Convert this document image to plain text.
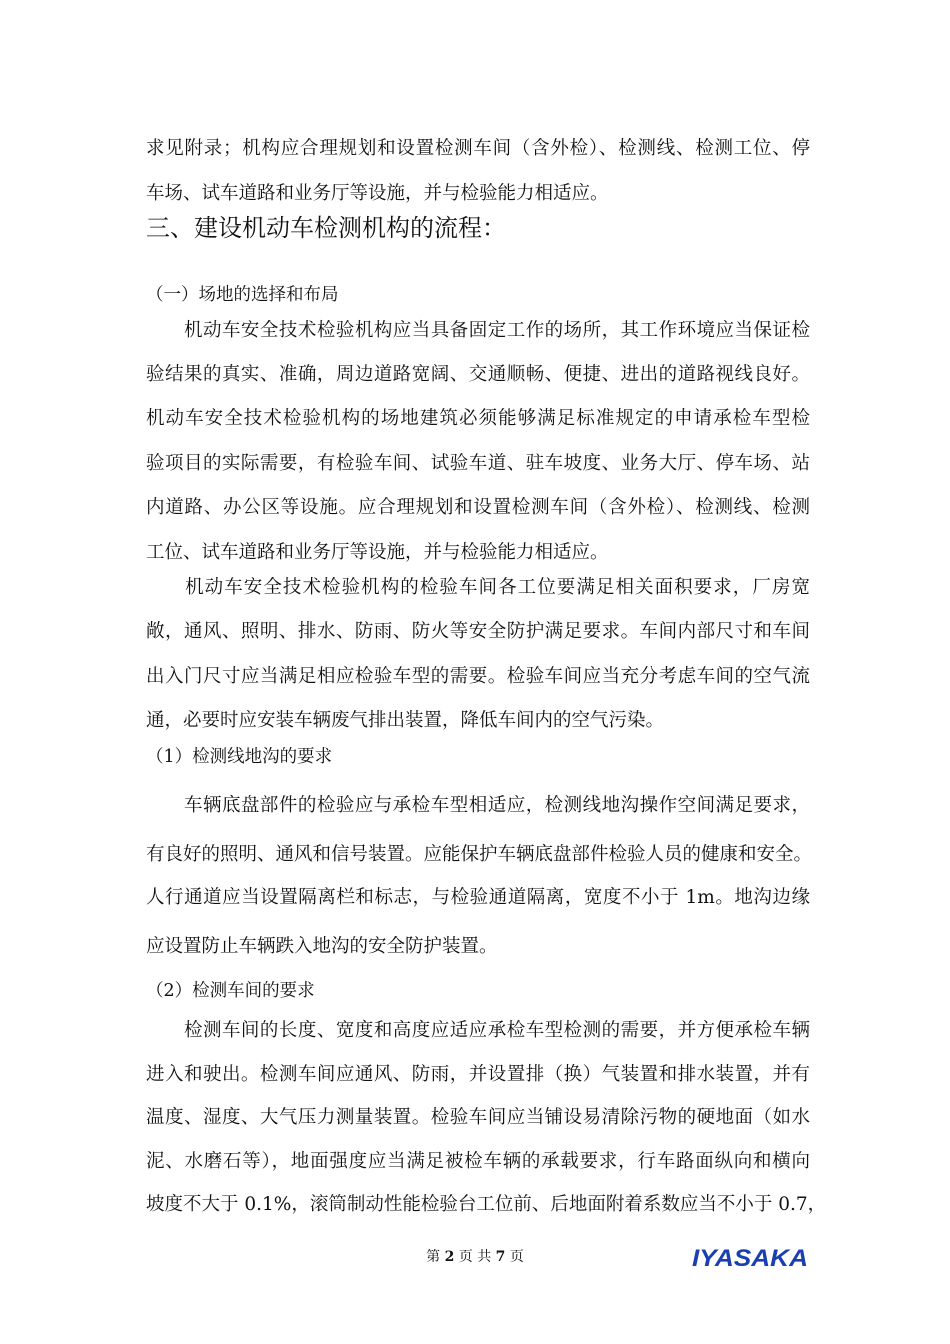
求见附录；机构应合理规划和设置检测车间（含外检）、检测线、检测工位、停
车场、试车道路和业务厅等设施，并与检验能力相适应。
三、建设机动车检测机构的流程：
（一）场地的选择和布局
　　机动车安全技术检验机构应当具备固定工作的场所，其工作环境应当保证检
验结果的真实、准确，周边道路宽阔、交通顺畅、便捷、进出的道路视线良好。
机动车安全技术检验机构的场地建筑必须能够满足标准规定的申请承检车型检
验项目的实际需要，有检验车间、试验车道、驻车坡度、业务大厅、停车场、站
内道路、办公区等设施。应合理规划和设置检测车间（含外检）、检测线、检测
工位、试车道路和业务厅等设施，并与检验能力相适应。
　　机动车安全技术检验机构的检验车间各工位要满足相关面积要求，厂房宽
敞，通风、照明、排水、防雨、防火等安全防护满足要求。车间内部尺寸和车间
出入门尺寸应当满足相应检验车型的需要。检验车间应当充分考虑车间的空气流
通，必要时应安装车辆废气排出装置，降低车间内的空气污染。
（1）检测线地沟的要求
　　车辆底盘部件的检验应与承检车型相适应，检测线地沟操作空间满足要求，
有良好的照明、通风和信号装置。应能保护车辆底盘部件检验人员的健康和安全。
人行通道应当设置隔离栏和标志，与检验通道隔离，宽度不小于 1m。地沟边缘
应设置防止车辆跌入地沟的安全防护装置。
（2）检测车间的要求
　　检测车间的长度、宽度和高度应适应承检车型检测的需要，并方便承检车辆
进入和驶出。检测车间应通风、防雨，并设置排（换）气装置和排水装置，并有
温度、湿度、大气压力测量装置。检验车间应当铺设易清除污物的硬地面（如水
泥、水磨石等），地面强度应当满足被检车辆的承载要求，行车路面纵向和横向
坡度不大于 0.1%，滚筒制动性能检验台工位前、后地面附着系数应当不小于 0.7，
第 2 页 共 7 页	IYASAKA
